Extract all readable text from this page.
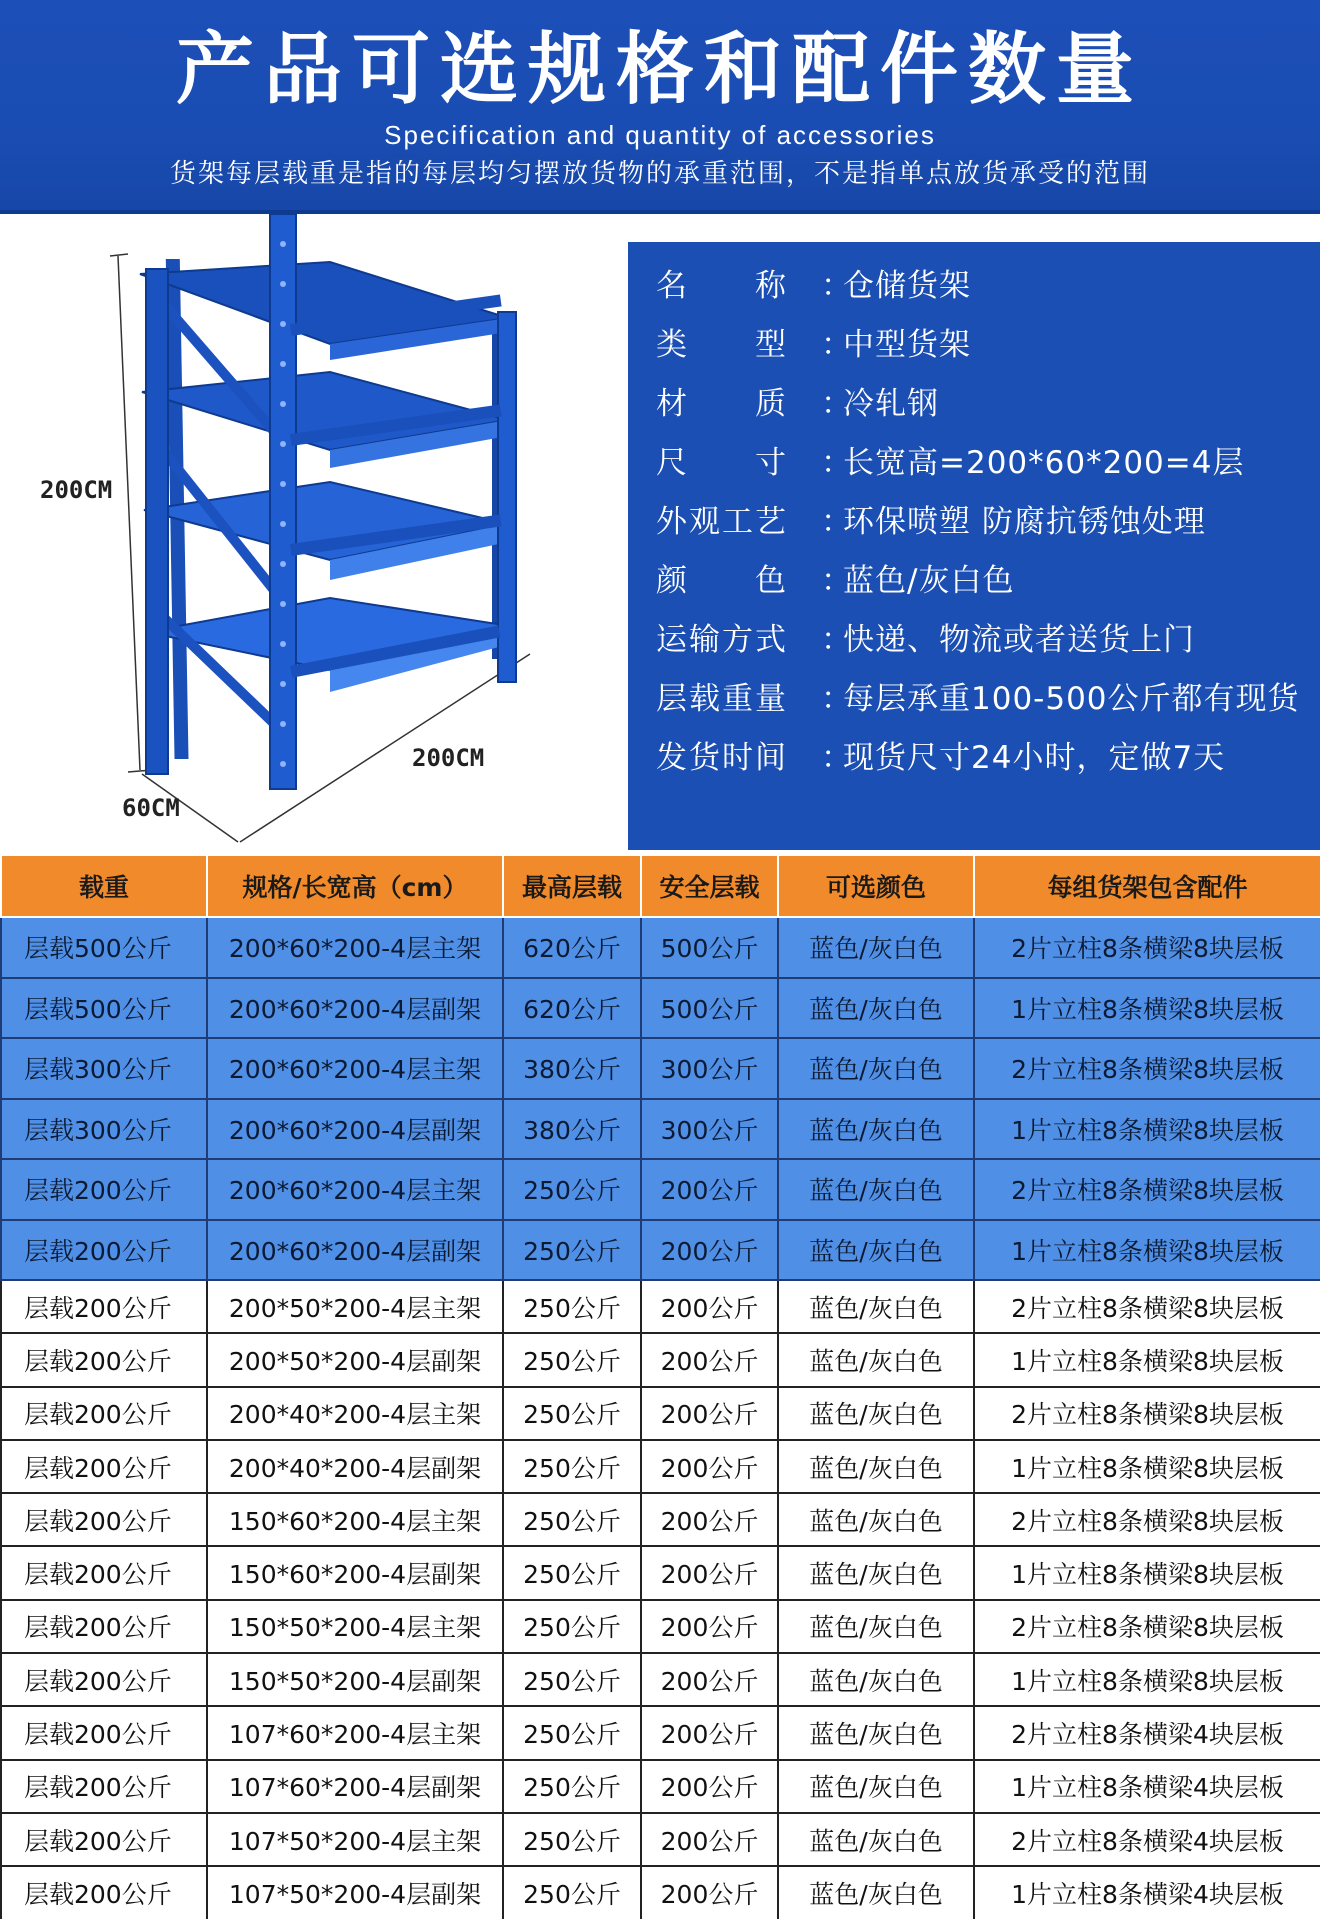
产品可选规格和配件数量
Specification and quantity of accessories
货架每层载重是指的每层均匀摆放货物的承重范围，不是指单点放货承受的范围
200CM
200CM
60CM
名　　称 ：仓储货架
类　　型 ：中型货架
材　　质 ：冷轧钢
尺　　寸 ：长宽高=200*60*200=4层
外观工艺 ：环保喷塑 防腐抗锈蚀处理
颜　　色 ：蓝色/灰白色
运输方式 ：快递、物流或者送货上门
层载重量 ：每层承重100-500公斤都有现货
发货时间 ：现货尺寸24小时，定做7天
载重	规格/长宽高（cm）	最高层载	安全层载	可选颜色	每组货架包含配件
层载500公斤	200*60*200-4层主架	620公斤	500公斤	蓝色/灰白色	2片立柱8条横梁8块层板
层载500公斤	200*60*200-4层副架	620公斤	500公斤	蓝色/灰白色	1片立柱8条横梁8块层板
层载300公斤	200*60*200-4层主架	380公斤	300公斤	蓝色/灰白色	2片立柱8条横梁8块层板
层载300公斤	200*60*200-4层副架	380公斤	300公斤	蓝色/灰白色	1片立柱8条横梁8块层板
层载200公斤	200*60*200-4层主架	250公斤	200公斤	蓝色/灰白色	2片立柱8条横梁8块层板
层载200公斤	200*60*200-4层副架	250公斤	200公斤	蓝色/灰白色	1片立柱8条横梁8块层板
层载200公斤	200*50*200-4层主架	250公斤	200公斤	蓝色/灰白色	2片立柱8条横梁8块层板
层载200公斤	200*50*200-4层副架	250公斤	200公斤	蓝色/灰白色	1片立柱8条横梁8块层板
层载200公斤	200*40*200-4层主架	250公斤	200公斤	蓝色/灰白色	2片立柱8条横梁8块层板
层载200公斤	200*40*200-4层副架	250公斤	200公斤	蓝色/灰白色	1片立柱8条横梁8块层板
层载200公斤	150*60*200-4层主架	250公斤	200公斤	蓝色/灰白色	2片立柱8条横梁8块层板
层载200公斤	150*60*200-4层副架	250公斤	200公斤	蓝色/灰白色	1片立柱8条横梁8块层板
层载200公斤	150*50*200-4层主架	250公斤	200公斤	蓝色/灰白色	2片立柱8条横梁8块层板
层载200公斤	150*50*200-4层副架	250公斤	200公斤	蓝色/灰白色	1片立柱8条横梁8块层板
层载200公斤	107*60*200-4层主架	250公斤	200公斤	蓝色/灰白色	2片立柱8条横梁4块层板
层载200公斤	107*60*200-4层副架	250公斤	200公斤	蓝色/灰白色	1片立柱8条横梁4块层板
层载200公斤	107*50*200-4层主架	250公斤	200公斤	蓝色/灰白色	2片立柱8条横梁4块层板
层载200公斤	107*50*200-4层副架	250公斤	200公斤	蓝色/灰白色	1片立柱8条横梁4块层板
